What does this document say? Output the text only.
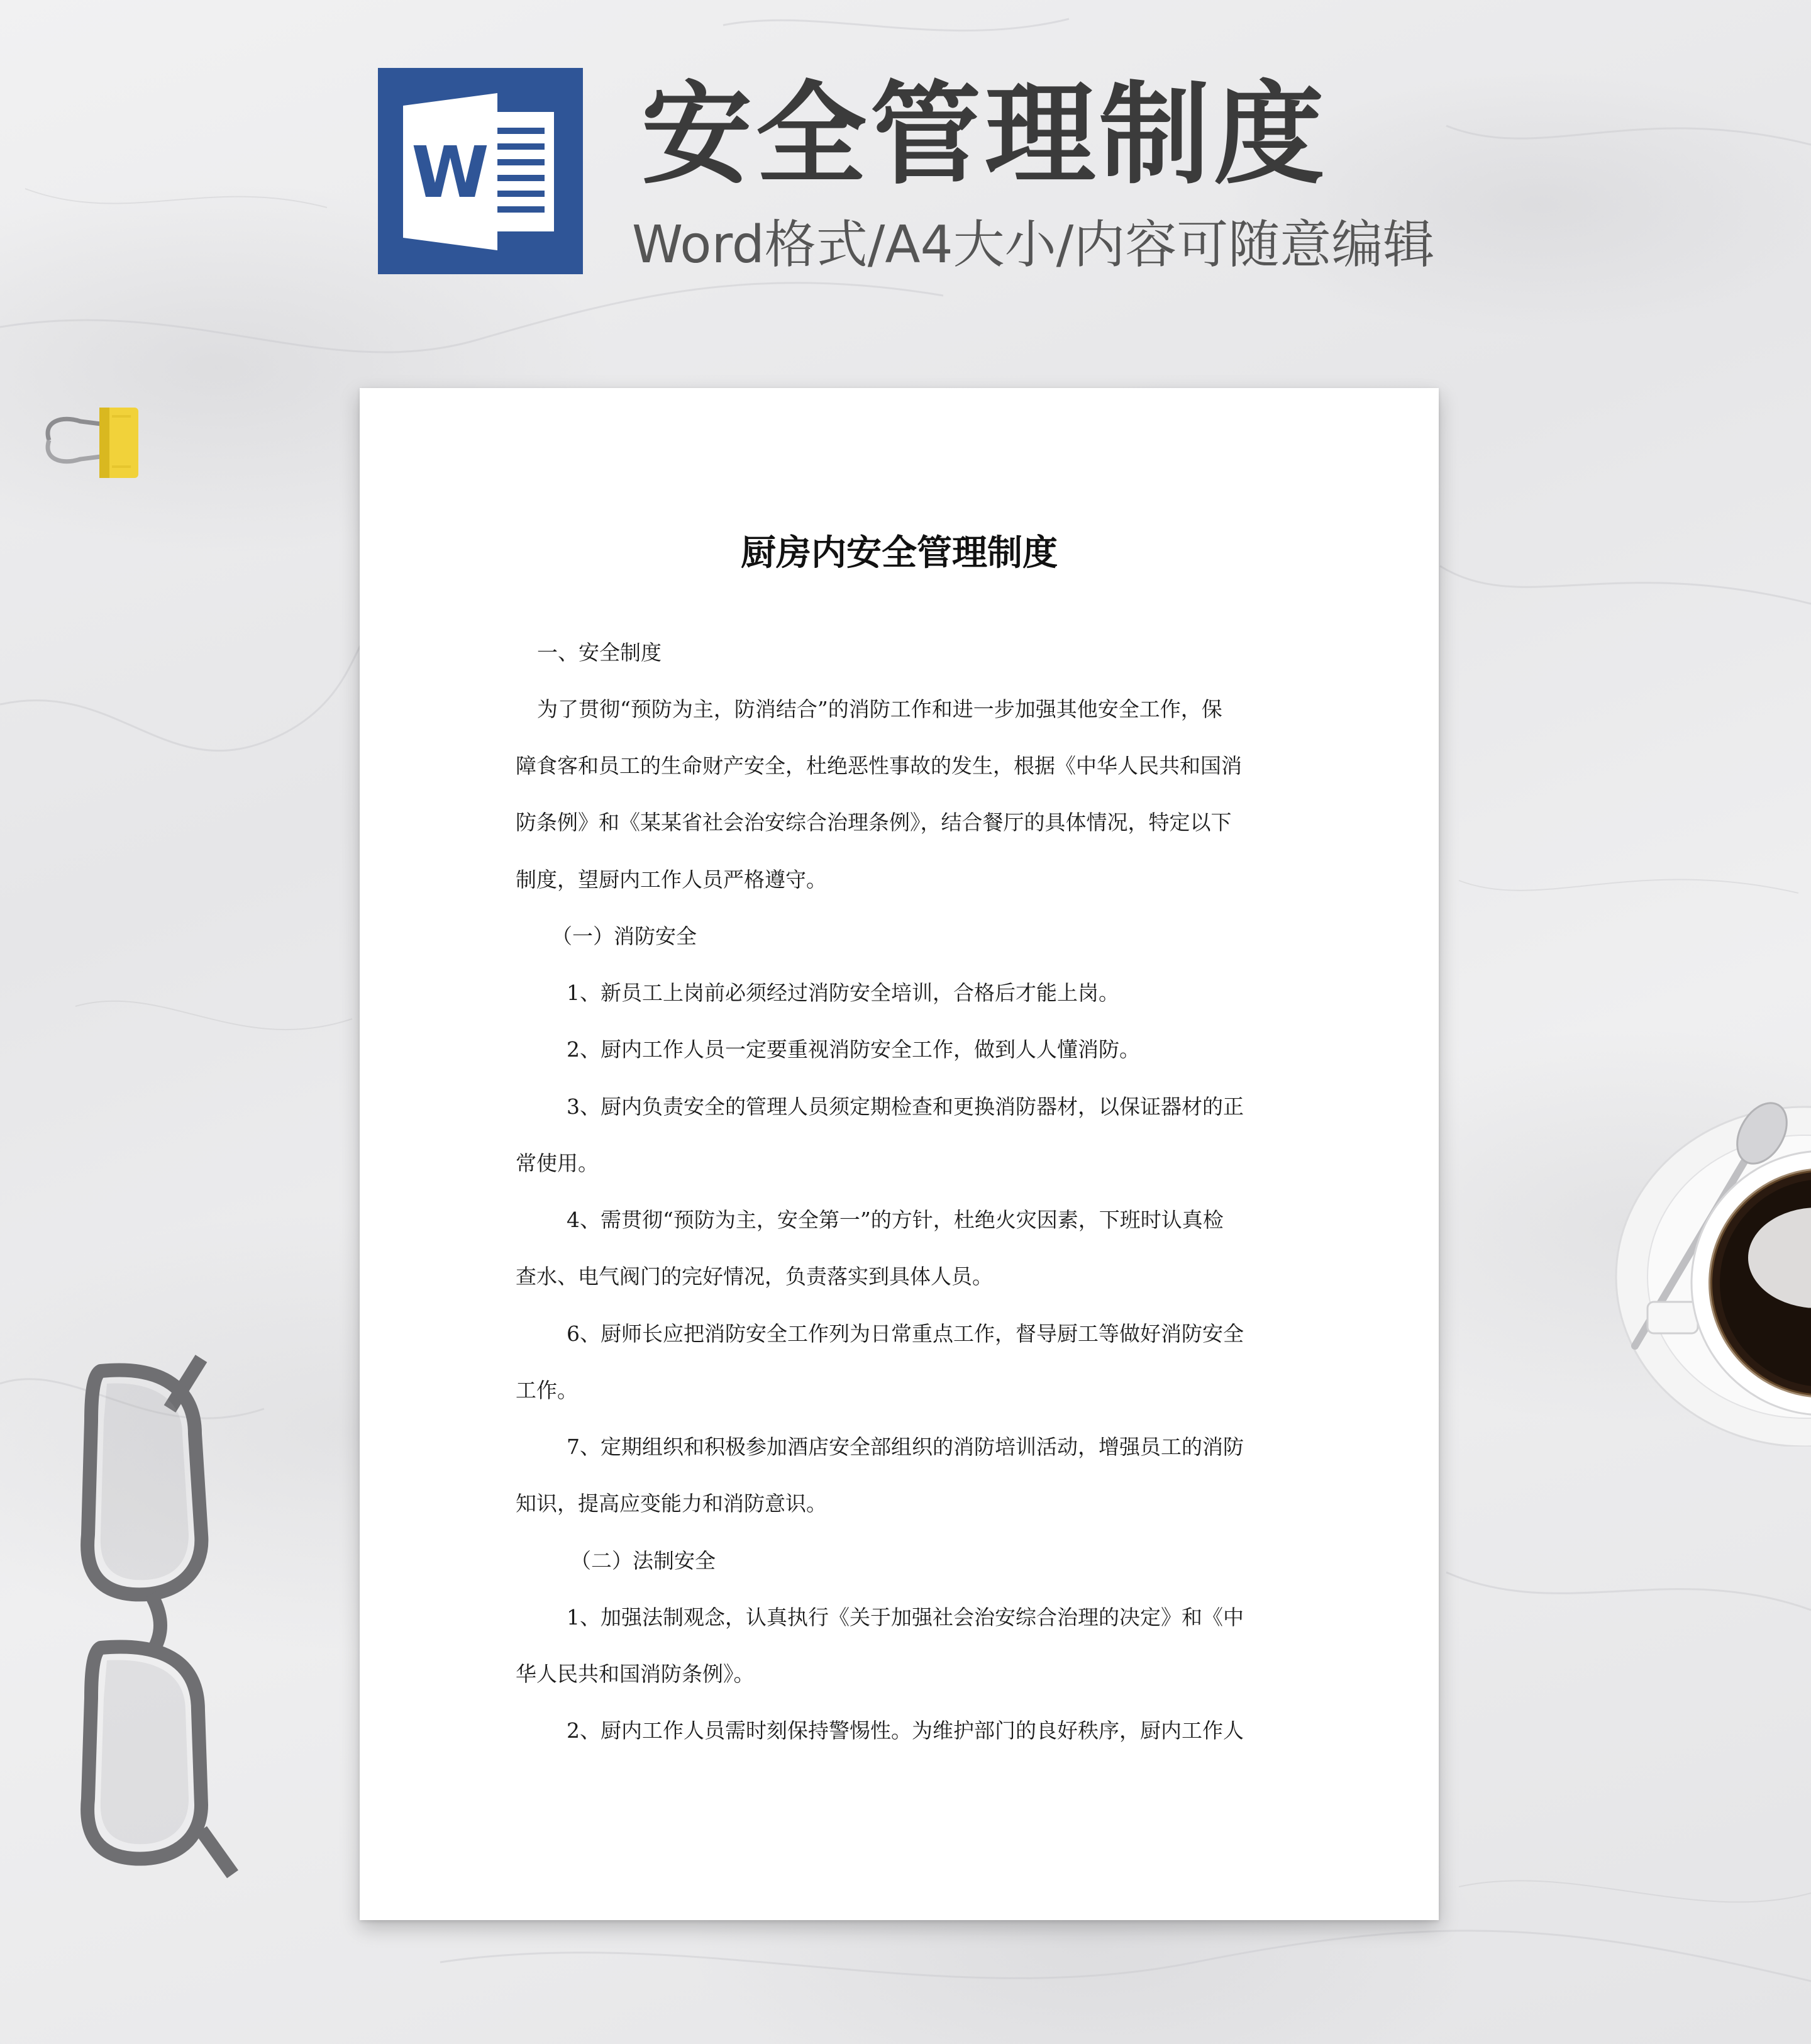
W 安全管理制度
Word格式/A4大小/内容可随意编辑
厨房内安全管理制度
一、安全制度
为了贯彻“预防为主，防消结合”的消防工作和进一步加强其他安全工作，保
障食客和员工的生命财产安全，杜绝恶性事故的发生，根据《中华人民共和国消
防条例》和《某某省社会治安综合治理条例》，结合餐厅的具体情况，特定以下
制度，望厨内工作人员严格遵守。
（一）消防安全
1、新员工上岗前必须经过消防安全培训，合格后才能上岗。
2、厨内工作人员一定要重视消防安全工作，做到人人懂消防。
3、厨内负责安全的管理人员须定期检查和更换消防器材，以保证器材的正
常使用。
4、需贯彻“预防为主，安全第一”的方针，杜绝火灾因素，下班时认真检
查水、电气阀门的完好情况，负责落实到具体人员。
6、厨师长应把消防安全工作列为日常重点工作，督导厨工等做好消防安全
工作。
7、定期组织和积极参加酒店安全部组织的消防培训活动，增强员工的消防
知识，提高应变能力和消防意识。
（二）法制安全
1、加强法制观念，认真执行《关于加强社会治安综合治理的决定》和《中
华人民共和国消防条例》。
2、厨内工作人员需时刻保持警惕性。为维护部门的良好秩序，厨内工作人
